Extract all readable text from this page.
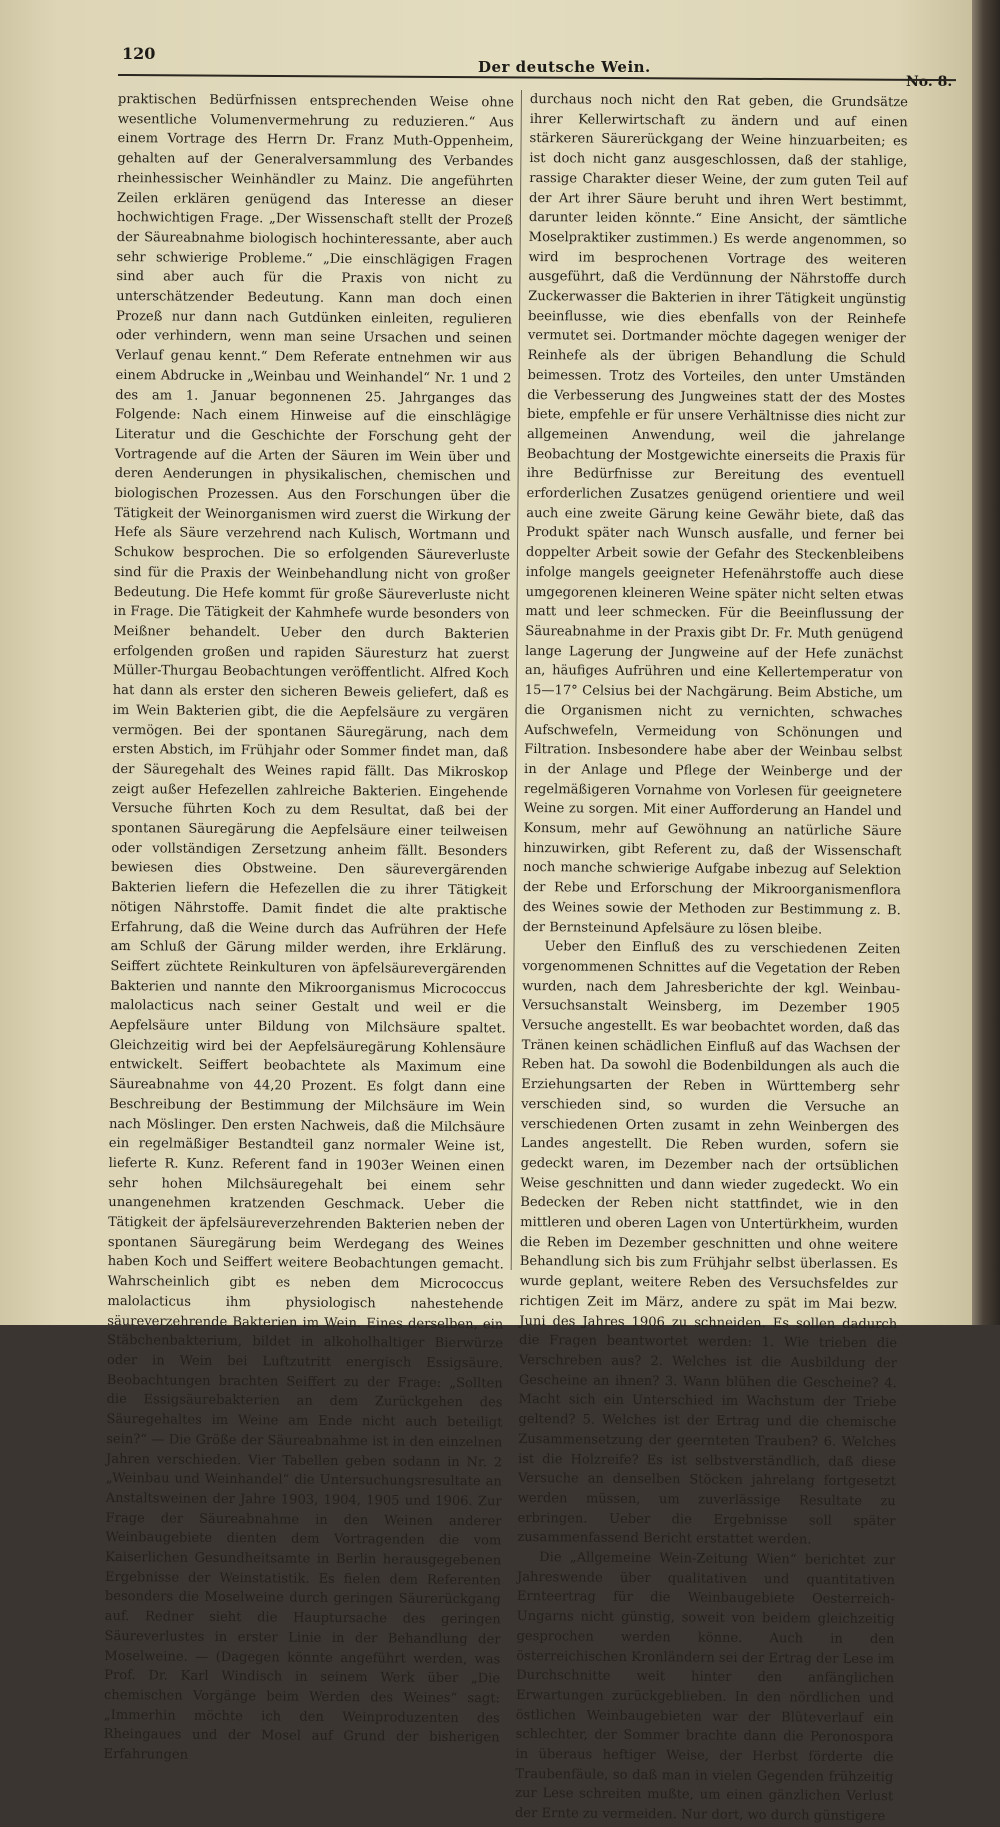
120
Der deutsche Wein.
No. 8.

praktischen Bedürfnissen entsprechenden Weise ohne wesentliche Volumenvermehrung zu reduzieren.“ Aus einem Vortrage des Herrn Dr. Franz Muth-Oppenheim, gehalten auf der Generalversammlung des Verbandes rheinhessischer Weinhändler zu Mainz. Die angeführten Zeilen erklären genügend das Interesse an dieser hochwichtigen Frage. „Der Wissenschaft stellt der Prozeß der Säureabnahme biologisch hochinteressante, aber auch sehr schwierige Probleme.“ „Die einschlägigen Fragen sind aber auch für die Praxis von nicht zu unterschätzender Bedeutung. Kann man doch einen Prozeß nur dann nach Gutdünken einleiten, regulieren oder verhindern, wenn man seine Ursachen und seinen Verlauf genau kennt.“ Dem Referate entnehmen wir aus einem Abdrucke in „Weinbau und Weinhandel“ Nr. 1 und 2 des am 1. Januar begonnenen 25. Jahrganges das Folgende: Nach einem Hinweise auf die einschlägige Literatur und die Geschichte der Forschung geht der Vortragende auf die Arten der Säuren im Wein über und deren Aenderungen in physikalischen, chemischen und biologischen Prozessen. Aus den Forschungen über die Tätigkeit der Weinorganismen wird zuerst die Wirkung der Hefe als Säure verzehrend nach Kulisch, Wortmann und Schukow besprochen. Die so erfolgenden Säureverluste sind für die Praxis der Weinbehandlung nicht von großer Bedeutung. Die Hefe kommt für große Säureverluste nicht in Frage. Die Tätigkeit der Kahmhefe wurde besonders von Meißner behandelt. Ueber den durch Bakterien erfolgenden großen und rapiden Säuresturz hat zuerst Müller-Thurgau Beobachtungen veröffentlicht. Alfred Koch hat dann als erster den sicheren Beweis geliefert, daß es im Wein Bakterien gibt, die die Aepfelsäure zu vergären vermögen. Bei der spontanen Säuregärung, nach dem ersten Abstich, im Frühjahr oder Sommer findet man, daß der Säuregehalt des Weines rapid fällt. Das Mikroskop zeigt außer Hefezellen zahlreiche Bakterien. Eingehende Versuche führten Koch zu dem Resultat, daß bei der spontanen Säuregärung die Aepfelsäure einer teilweisen oder vollständigen Zersetzung anheim fällt. Besonders bewiesen dies Obstweine. Den säurevergärenden Bakterien liefern die Hefezellen die zu ihrer Tätigkeit nötigen Nährstoffe. Damit findet die alte praktische Erfahrung, daß die Weine durch das Aufrühren der Hefe am Schluß der Gärung milder werden, ihre Erklärung. Seiffert züchtete Reinkulturen von äpfelsäurevergärenden Bakterien und nannte den Mikroorganismus Micrococcus malolacticus nach seiner Gestalt und weil er die Aepfelsäure unter Bildung von Milchsäure spaltet. Gleichzeitig wird bei der Aepfelsäuregärung Kohlensäure entwickelt. Seiffert beobachtete als Maximum eine Säureabnahme von 44,20 Prozent. Es folgt dann eine Beschreibung der Bestimmung der Milchsäure im Wein nach Möslinger. Den ersten Nachweis, daß die Milchsäure ein regelmäßiger Bestandteil ganz normaler Weine ist, lieferte R. Kunz. Referent fand in 1903er Weinen einen sehr hohen Milchsäuregehalt bei einem sehr unangenehmen kratzenden Geschmack. Ueber die Tätigkeit der äpfelsäureverzehrenden Bakterien neben der spontanen Säuregärung beim Werdegang des Weines haben Koch und Seiffert weitere Beobachtungen gemacht. Wahrscheinlich gibt es neben dem Micrococcus malolacticus ihm physiologisch nahestehende säureverzehrende Bakterien im Wein. Eines derselben, ein Stäbchenbakterium, bildet in alkoholhaltiger Bierwürze oder in Wein bei Luftzutritt energisch Essigsäure. Beobachtungen brachten Seiffert zu der Frage: „Sollten die Essigsäurebakterien an dem Zurückgehen des Säuregehaltes im Weine am Ende nicht auch beteiligt sein?“ — Die Größe der Säureabnahme ist in den einzelnen Jahren verschieden. Vier Tabellen geben sodann in Nr. 2 „Weinbau und Weinhandel“ die Untersuchungsresultate an Anstaltsweinen der Jahre 1903, 1904, 1905 und 1906. Zur Frage der Säureabnahme in den Weinen anderer Weinbaugebiete dienten dem Vortragenden die vom Kaiserlichen Gesundheitsamte in Berlin herausgegebenen Ergebnisse der Weinstatistik. Es fielen dem Referenten besonders die Moselweine durch geringen Säurerückgang auf. Redner sieht die Hauptursache des geringen Säureverlustes in erster Linie in der Behandlung der Moselweine. — (Dagegen könnte angeführt werden, was Prof. Dr. Karl Windisch in seinem Werk über „Die chemischen Vorgänge beim Werden des Weines“ sagt: „Immerhin möchte ich den Weinproduzenten des Rheingaues und der Mosel auf Grund der bisherigen Erfahrungen

durchaus noch nicht den Rat geben, die Grundsätze ihrer Kellerwirtschaft zu ändern und auf einen stärkeren Säurerückgang der Weine hinzuarbeiten; es ist doch nicht ganz ausgeschlossen, daß der stahlige, rassige Charakter dieser Weine, der zum guten Teil auf der Art ihrer Säure beruht und ihren Wert bestimmt, darunter leiden könnte.“ Eine Ansicht, der sämtliche Moselpraktiker zustimmen.) Es werde angenommen, so wird im besprochenen Vortrage des weiteren ausgeführt, daß die Verdünnung der Nährstoffe durch Zuckerwasser die Bakterien in ihrer Tätigkeit ungünstig beeinflusse, wie dies ebenfalls von der Reinhefe vermutet sei. Dortmander möchte dagegen weniger der Reinhefe als der übrigen Behandlung die Schuld beimessen. Trotz des Vorteiles, den unter Umständen die Verbesserung des Jungweines statt der des Mostes biete, empfehle er für unsere Verhältnisse dies nicht zur allgemeinen Anwendung, weil die jahrelange Beobachtung der Mostgewichte einerseits die Praxis für ihre Bedürfnisse zur Bereitung des eventuell erforderlichen Zusatzes genügend orientiere und weil auch eine zweite Gärung keine Gewähr biete, daß das Produkt später nach Wunsch ausfalle, und ferner bei doppelter Arbeit sowie der Gefahr des Steckenbleibens infolge mangels geeigneter Hefenährstoffe auch diese umgegorenen kleineren Weine später nicht selten etwas matt und leer schmecken. Für die Beeinflussung der Säureabnahme in der Praxis gibt Dr. Fr. Muth genügend lange Lagerung der Jungweine auf der Hefe zunächst an, häufiges Aufrühren und eine Kellertemperatur von 15—17° Celsius bei der Nachgärung. Beim Abstiche, um die Organismen nicht zu vernichten, schwaches Aufschwefeln, Vermeidung von Schönungen und Filtration. Insbesondere habe aber der Weinbau selbst in der Anlage und Pflege der Weinberge und der regelmäßigeren Vornahme von Vorlesen für geeignetere Weine zu sorgen. Mit einer Aufforderung an Handel und Konsum, mehr auf Gewöhnung an natürliche Säure hinzuwirken, gibt Referent zu, daß der Wissenschaft noch manche schwierige Aufgabe inbezug auf Selektion der Rebe und Erforschung der Mikroorganismenflora des Weines sowie der Methoden zur Bestimmung z. B. der Bernsteinund Apfelsäure zu lösen bleibe.

Ueber den Einfluß des zu verschiedenen Zeiten vorgenommenen Schnittes auf die Vegetation der Reben wurden, nach dem Jahresberichte der kgl. Weinbau-Versuchsanstalt Weinsberg, im Dezember 1905 Versuche angestellt. Es war beobachtet worden, daß das Tränen keinen schädlichen Einfluß auf das Wachsen der Reben hat. Da sowohl die Bodenbildungen als auch die Erziehungsarten der Reben in Württemberg sehr verschieden sind, so wurden die Versuche an verschiedenen Orten zusamt in zehn Weinbergen des Landes angestellt. Die Reben wurden, sofern sie gedeckt waren, im Dezember nach der ortsüblichen Weise geschnitten und dann wieder zugedeckt. Wo ein Bedecken der Reben nicht stattfindet, wie in den mittleren und oberen Lagen von Untertürkheim, wurden die Reben im Dezember geschnitten und ohne weitere Behandlung sich bis zum Frühjahr selbst überlassen. Es wurde geplant, weitere Reben des Versuchsfeldes zur richtigen Zeit im März, andere zu spät im Mai bezw. Juni des Jahres 1906 zu schneiden. Es sollen dadurch die Fragen beantwortet werden: 1. Wie trieben die Verschreben aus? 2. Welches ist die Ausbildung der Gescheine an ihnen? 3. Wann blühen die Gescheine? 4. Macht sich ein Unterschied im Wachstum der Triebe geltend? 5. Welches ist der Ertrag und die chemische Zusammensetzung der geernteten Trauben? 6. Welches ist die Holzreife? Es ist selbstverständlich, daß diese Versuche an denselben Stöcken jahrelang fortgesetzt werden müssen, um zuverlässige Resultate zu erbringen. Ueber die Ergebnisse soll später zusammenfassend Bericht erstattet werden.

Die „Allgemeine Wein-Zeitung Wien“ berichtet zur Jahreswende über qualitativen und quantitativen Ernteertrag für die Weinbaugebiete Oesterreich-Ungarns nicht günstig, soweit von beidem gleichzeitig gesprochen werden könne. Auch in den österreichischen Kronländern sei der Ertrag der Lese im Durchschnitte weit hinter den anfänglichen Erwartungen zurückgeblieben. In den nördlichen und östlichen Weinbaugebieten war der Blüteverlauf ein schlechter, der Sommer brachte dann die Peronospora in überaus heftiger Weise, der Herbst förderte die Traubenfäule, so daß man in vielen Gegenden frühzeitig zur Lese schreiten mußte, um einen gänzlichen Verlust der Ernte zu vermeiden. Nur dort, wo durch günstigere
